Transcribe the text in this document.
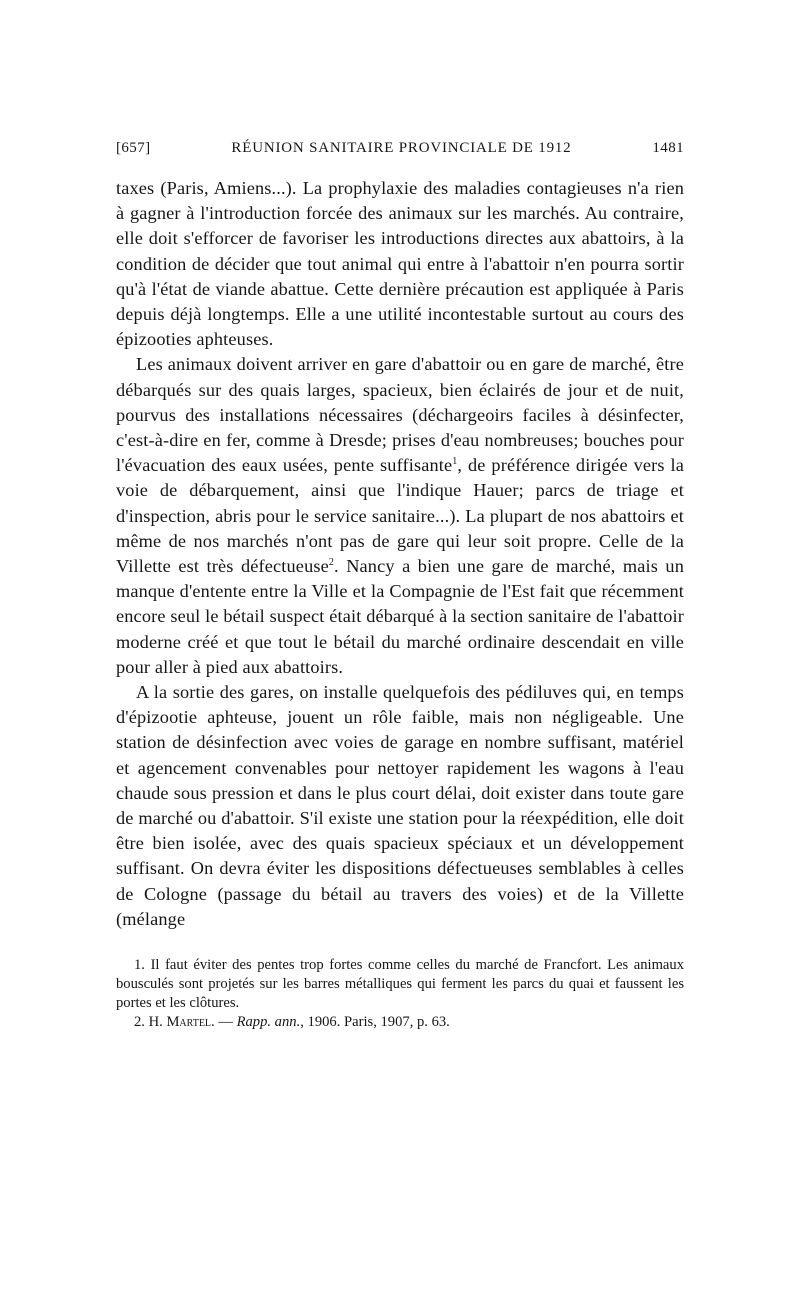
[657]	RÉUNION SANITAIRE PROVINCIALE DE 1912	1481

taxes (Paris, Amiens...). La prophylaxie des maladies contagieuses n'a rien à gagner à l'introduction forcée des animaux sur les marchés. Au contraire, elle doit s'efforcer de favoriser les introductions directes aux abattoirs, à la condition de décider que tout animal qui entre à l'abattoir n'en pourra sortir qu'à l'état de viande abattue. Cette dernière précaution est appliquée à Paris depuis déjà longtemps. Elle a une utilité incontestable surtout au cours des épizooties aphteuses.

Les animaux doivent arriver en gare d'abattoir ou en gare de marché, être débarqués sur des quais larges, spacieux, bien éclairés de jour et de nuit, pourvus des installations nécessaires (déchargeoirs faciles à désinfecter, c'est-à-dire en fer, comme à Dresde; prises d'eau nombreuses; bouches pour l'évacuation des eaux usées, pente suffisante$^1$, de préférence dirigée vers la voie de débarquement, ainsi que l'indique Hauer; parcs de triage et d'inspection, abris pour le service sanitaire...). La plupart de nos abattoirs et même de nos marchés n'ont pas de gare qui leur soit propre. Celle de la Villette est très défectueuse$^2$. Nancy a bien une gare de marché, mais un manque d'entente entre la Ville et la Compagnie de l'Est fait que récemment encore seul le bétail suspect était débarqué à la section sanitaire de l'abattoir moderne créé et que tout le bétail du marché ordinaire descendait en ville pour aller à pied aux abattoirs.

A la sortie des gares, on installe quelquefois des pédiluves qui, en temps d'épizootie aphteuse, jouent un rôle faible, mais non négligeable. Une station de désinfection avec voies de garage en nombre suffisant, matériel et agencement convenables pour nettoyer rapidement les wagons à l'eau chaude sous pression et dans le plus court délai, doit exister dans toute gare de marché ou d'abattoir. S'il existe une station pour la réexpédition, elle doit être bien isolée, avec des quais spacieux spéciaux et un développement suffisant. On devra éviter les dispositions défectueuses semblables à celles de Cologne (passage du bétail au travers des voies) et de la Villette (mélange

1. Il faut éviter des pentes trop fortes comme celles du marché de Francfort. Les animaux bousculés sont projetés sur les barres métalliques qui ferment les parcs du quai et faussent les portes et les clôtures.

2. H. Martel. — Rapp. ann., 1906. Paris, 1907, p. 63.
